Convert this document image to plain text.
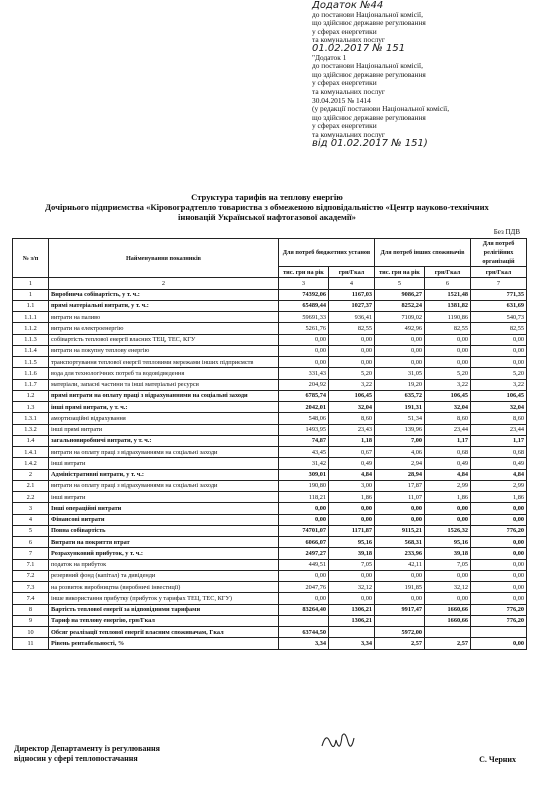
Додаток №44
до постанови Національної комісії,
що здійснює державне регулювання
у сферах енергетики
та комунальних послуг
01.02.2017 № 151
"Додаток 1
до постанови Національної комісії,
що здійснює державне регулювання
у сферах енергетики
та комунальних послуг
30.04.2015 № 1414
(у редакції постанови Національної комісії,
що здійснює державне регулювання
у сферах енергетики
та комунальних послуг
від 01.02.2017 № 151)
Структура тарифів на теплову енергію
Дочірнього підприємства «Кіровоградтепло товариства з обмеженою відповідальністю «Центр науково-технічних
інновацій Української нафтогазової академії»
Без ПДВ
№ з/п	Найменування показників	Для потреб бюджетних установ		Для потреб інших споживачів		Для потреб релігійних організацій
		тис. грн на рік	грн/Гкал	тис. грн на рік	грн/Гкал	грн/Гкал
1	2	3	4	5	6	7
1	Виробнича собівартість, у т. ч.:	74392,06	1167,03	9086,27	1521,48	771,35
1.1	прямі матеріальні витрати, у т. ч.:	65489,44	1027,37	8252,24	1381,82	631,69
1.1.1	витрати на паливо	59691,33	936,41	7109,02	1190,86	540,73
1.1.2	витрати на електроенергію	5261,76	82,55	492,96	82,55	82,55
1.1.3	собівартість теплової енергії власних ТЕЦ, ТЕС, КГУ	0,00	0,00	0,00	0,00	0,00
1.1.4	витрати на покупну теплову енергію	0,00	0,00	0,00	0,00	0,00
1.1.5	транспортування теплової енергії тепловими мережами інших підприємств	0,00	0,00	0,00	0,00	0,00
1.1.6	вода для технологічних потреб та водовідведення	331,43	5,20	31,05	5,20	5,20
1.1.7	матеріали, запасні частини та інші матеріальні ресурси	204,92	3,22	19,20	3,22	3,22
1.2	прямі витрати на оплату праці з відрахуваннями на соціальні заходи	6785,74	106,45	635,72	106,45	106,45
1.3	інші прямі витрати, у т. ч.:	2042,01	32,04	191,31	32,04	32,04
1.3.1	амортизаційні відрахування	548,06	8,60	51,34	8,60	8,60
1.3.2	інші прямі витрати	1493,95	23,43	139,96	23,44	23,44
1.4	загальновиробничі витрати, у т. ч.:	74,87	1,18	7,00	1,17	1,17
1.4.1	витрати на оплату праці з відрахуваннями на соціальні заходи	43,45	0,67	4,06	0,68	0,68
1.4.2	інші витрати	31,42	0,49	2,94	0,49	0,49
2	Адміністративні витрати, у т. ч.:	309,01	4,84	28,94	4,84	4,84
2.1	витрати на оплату праці з відрахуваннями на соціальні заходи	190,80	3,00	17,87	2,99	2,99
2.2	інші витрати	118,21	1,86	11,07	1,86	1,86
3	Інші операційні витрати	0,00	0,00	0,00	0,00	0,00
4	Фінансові витрати	0,00	0,00	0,00	0,00	0,00
5	Повна собівартість	74701,07	1171,87	9115,21	1526,32	776,20
6	Витрати на покриття втрат	6066,07	95,16	568,31	95,16	0,00
7	Розрахунковий прибуток, у т. ч.:	2497,27	39,18	233,96	39,18	0,00
7.1	податок на прибуток	449,51	7,05	42,11	7,05	0,00
7.2	резервний фонд (капітал) та дивіденди	0,00	0,00	0,00	0,00	0,00
7.3	на розвиток виробництва (виробничі інвестиції)	2047,76	32,12	191,85	32,12	0,00
7.4	інше використання прибутку (прибуток у тарифах ТЕЦ, ТЕС, КГУ)	0,00	0,00	0,00	0,00	0,00
8	Вартість теплової енергії за відповідними тарифами	83264,40	1306,21	9917,47	1660,66	776,20
9	Тариф на теплову енергію, грн/Гкал		1306,21		1660,66	776,20
10	Обсяг реалізації теплової енергії власним споживачам, Гкал	63744,50		5972,00		
11	Рівень рентабельності, %	3,34	3,34	2,57	2,57	0,00
Директор Департаменту із регулювання
відносин у сфері теплопостачання	С. Черних
